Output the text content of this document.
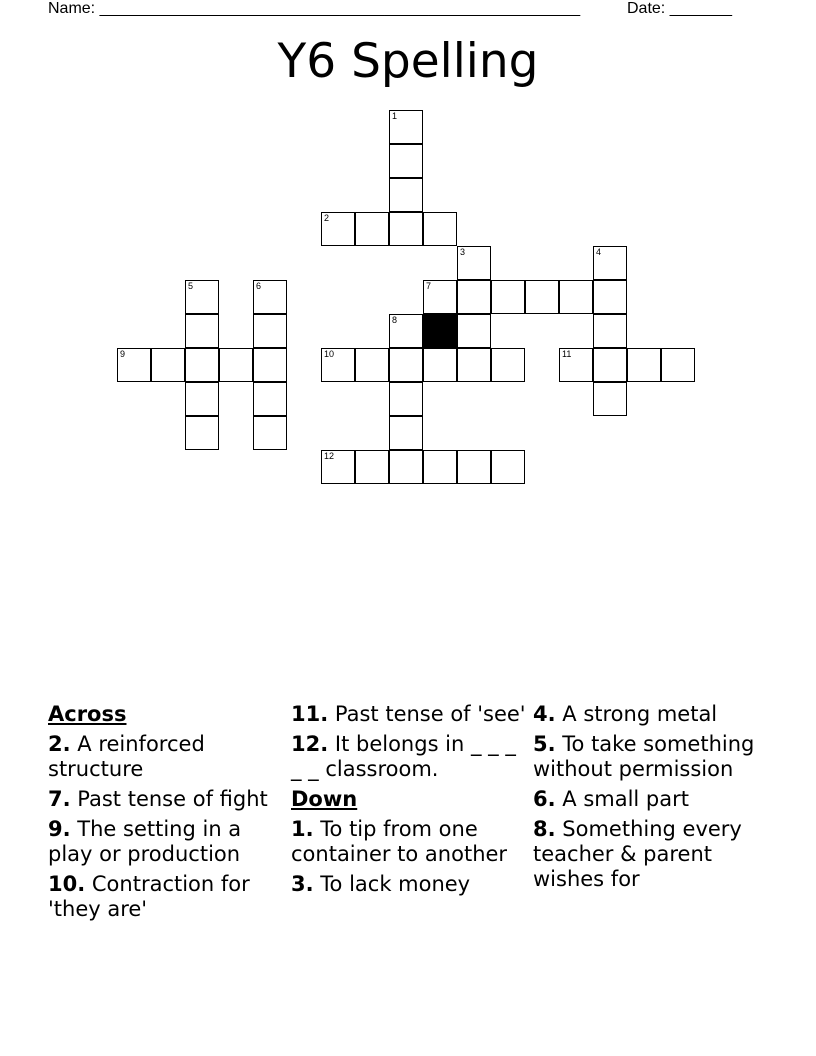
Name: ______________________________________________________	Date: _______
Y6 Spelling
1
2
3	4
5	6	7
8
9	10	11
12
Across
2. A reinforced structure
7. Past tense of fight
9. The setting in a play or production
10. Contraction for 'they are'
11. Past tense of 'see'
12. It belongs in _ _ _ _ _ classroom.
Down
1. To tip from one container to another
3. To lack money
4. A strong metal
5. To take something without permission
6. A small part
8. Something every teacher & parent wishes for
